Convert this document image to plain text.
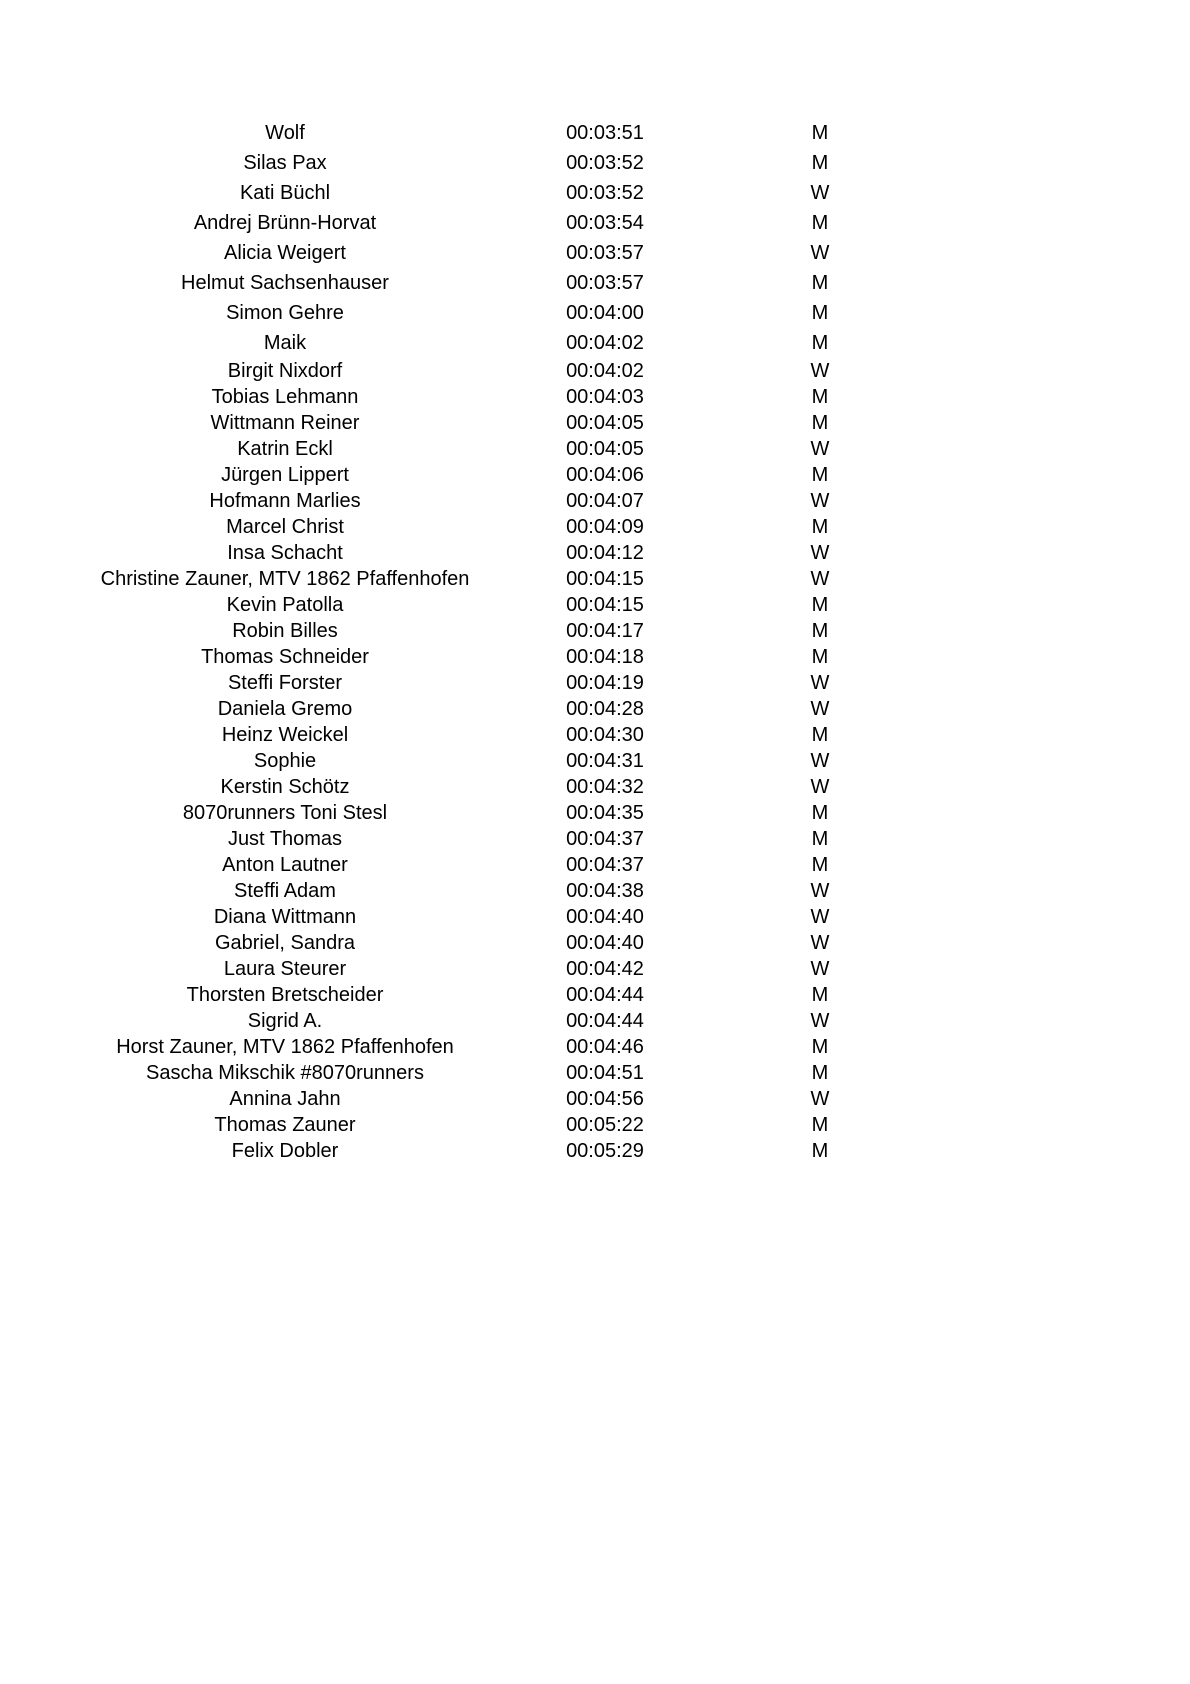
Wolf	00:03:51	M
Silas Pax	00:03:52	M
Kati Büchl	00:03:52	W
Andrej Brünn-Horvat	00:03:54	M
Alicia Weigert	00:03:57	W
Helmut Sachsenhauser	00:03:57	M
Simon Gehre	00:04:00	M
Maik	00:04:02	M
Birgit Nixdorf	00:04:02	W
Tobias Lehmann	00:04:03	M
Wittmann Reiner	00:04:05	M
Katrin Eckl	00:04:05	W
Jürgen Lippert	00:04:06	M
Hofmann Marlies	00:04:07	W
Marcel Christ	00:04:09	M
Insa Schacht	00:04:12	W
Christine Zauner, MTV 1862 Pfaffenhofen	00:04:15	W
Kevin Patolla	00:04:15	M
Robin Billes	00:04:17	M
Thomas Schneider	00:04:18	M
Steffi Forster	00:04:19	W
Daniela Gremo	00:04:28	W
Heinz Weickel	00:04:30	M
Sophie	00:04:31	W
Kerstin Schötz	00:04:32	W
8070runners Toni Stesl	00:04:35	M
Just Thomas	00:04:37	M
Anton Lautner	00:04:37	M
Steffi Adam	00:04:38	W
Diana Wittmann	00:04:40	W
Gabriel, Sandra	00:04:40	W
Laura Steurer	00:04:42	W
Thorsten Bretscheider	00:04:44	M
Sigrid A.	00:04:44	W
Horst Zauner, MTV 1862 Pfaffenhofen	00:04:46	M
Sascha Mikschik #8070runners	00:04:51	M
Annina Jahn	00:04:56	W
Thomas Zauner	00:05:22	M
Felix Dobler	00:05:29	M
